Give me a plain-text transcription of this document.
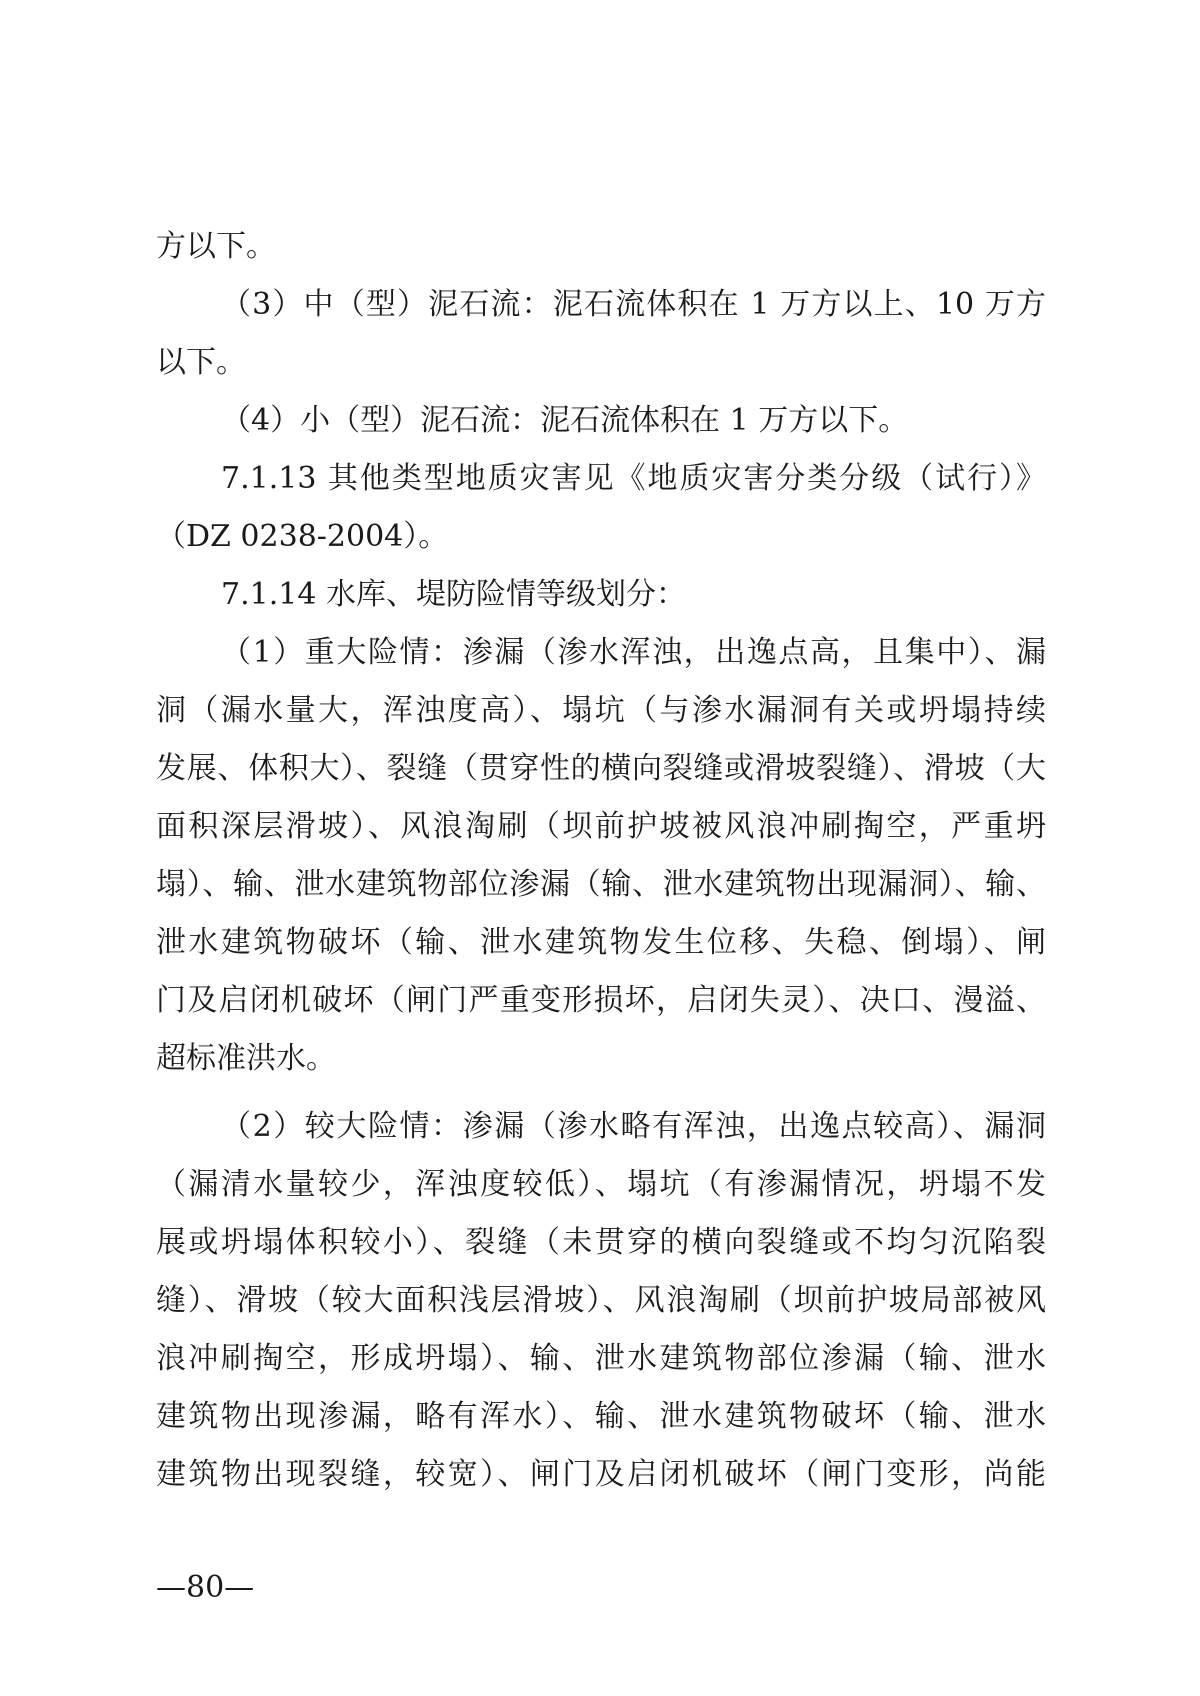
方以下。
（3）中（型）泥石流：泥石流体积在 1 万方以上、10 万方
以下。
（4）小（型）泥石流：泥石流体积在 1 万方以下。
7.1.13 其他类型地质灾害见《地质灾害分类分级（试行）》
（DZ 0238-2004）。
7.1.14 水库、堤防险情等级划分：
（1）重大险情：渗漏（渗水浑浊，出逸点高，且集中）、漏
洞（漏水量大，浑浊度高）、塌坑（与渗水漏洞有关或坍塌持续
发展、体积大）、裂缝（贯穿性的横向裂缝或滑坡裂缝）、滑坡（大
面积深层滑坡）、风浪淘刷（坝前护坡被风浪冲刷掏空，严重坍
塌）、输、泄水建筑物部位渗漏（输、泄水建筑物出现漏洞）、输、
泄水建筑物破坏（输、泄水建筑物发生位移、失稳、倒塌）、闸
门及启闭机破坏（闸门严重变形损坏，启闭失灵）、决口、漫溢、
超标准洪水。
（2）较大险情：渗漏（渗水略有浑浊，出逸点较高）、漏洞
（漏清水量较少，浑浊度较低）、塌坑（有渗漏情况，坍塌不发
展或坍塌体积较小）、裂缝（未贯穿的横向裂缝或不均匀沉陷裂
缝）、滑坡（较大面积浅层滑坡）、风浪淘刷（坝前护坡局部被风
浪冲刷掏空，形成坍塌）、输、泄水建筑物部位渗漏（输、泄水
建筑物出现渗漏，略有浑水）、输、泄水建筑物破坏（输、泄水
建筑物出现裂缝，较宽）、闸门及启闭机破坏（闸门变形，尚能
—80—
